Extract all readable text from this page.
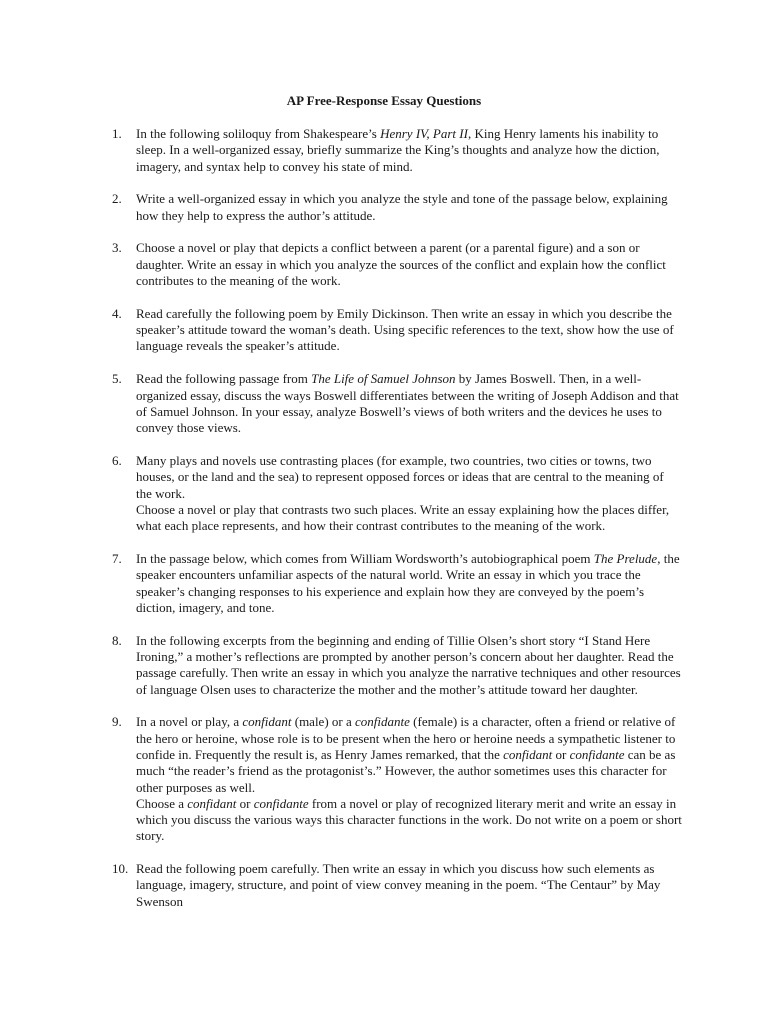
AP Free-Response Essay Questions
1.	In the following soliloquy from Shakespeare’s Henry IV, Part II, King Henry laments his inability to sleep. In a well-organized essay, briefly summarize the King’s thoughts and analyze how the diction, imagery, and syntax help to convey his state of mind.

2.	Write a well-organized essay in which you analyze the style and tone of the passage below, explaining how they help to express the author’s attitude.

3.	Choose a novel or play that depicts a conflict between a parent (or a parental figure) and a son or daughter. Write an essay in which you analyze the sources of the conflict and explain how the conflict contributes to the meaning of the work.

4.	Read carefully the following poem by Emily Dickinson. Then write an essay in which you describe the speaker’s attitude toward the woman’s death. Using specific references to the text, show how the use of language reveals the speaker’s attitude.

5.	Read the following passage from The Life of Samuel Johnson by James Boswell. Then, in a well-organized essay, discuss the ways Boswell differentiates between the writing of Joseph Addison and that of Samuel Johnson. In your essay, analyze Boswell’s views of both writers and the devices he uses to convey those views.

6.	Many plays and novels use contrasting places (for example, two countries, two cities or towns, two houses, or the land and the sea) to represent opposed forces or ideas that are central to the meaning of the work.

Choose a novel or play that contrasts two such places. Write an essay explaining how the places differ, what each place represents, and how their contrast contributes to the meaning of the work.

7.	In the passage below, which comes from William Wordsworth’s autobiographical poem The Prelude, the speaker encounters unfamiliar aspects of the natural world. Write an essay in which you trace the speaker’s changing responses to his experience and explain how they are conveyed by the poem’s diction, imagery, and tone.

8.	In the following excerpts from the beginning and ending of Tillie Olsen’s short story “I Stand Here Ironing,” a mother’s reflections are prompted by another person’s concern about her daughter. Read the passage carefully. Then write an essay in which you analyze the narrative techniques and other resources of language Olsen uses to characterize the mother and the mother’s attitude toward her daughter.

9.	In a novel or play, a confidant (male) or a confidante (female) is a character, often a friend or relative of the hero or heroine, whose role is to be present when the hero or heroine needs a sympathetic listener to confide in. Frequently the result is, as Henry James remarked, that the confidant or confidante can be as much “the reader’s friend as the protagonist’s.” However, the author sometimes uses this character for other purposes as well.

Choose a confidant or confidante from a novel or play of recognized literary merit and write an essay in which you discuss the various ways this character functions in the work. Do not write on a poem or short story.

10. Read the following poem carefully. Then write an essay in which you discuss how such elements as language, imagery, structure, and point of view convey meaning in the poem. “The Centaur” by May Swenson
